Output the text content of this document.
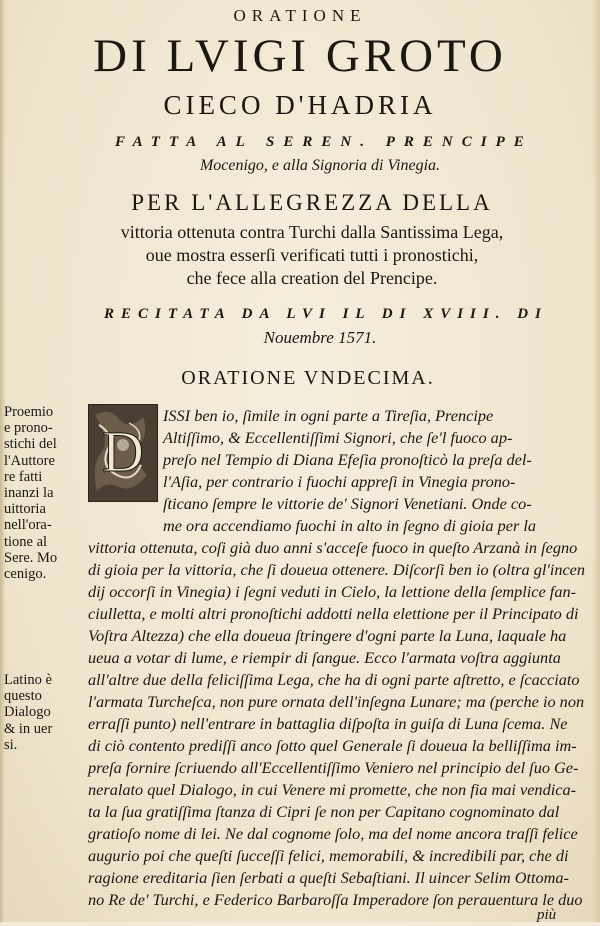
ORATIONE
DI LVIGI GROTO
CIECO D'HADRIA
FATTA AL SEREN. PRENCIPE
Mocenigo, e alla Signoria di Vinegia.
PER L'ALLEGREZZA DELLA
vittoria ottenuta contra Turchi dalla Santissima Lega,
oue mostra esserſi verificati tutti i pronostichi,
che fece alla creation del Prencipe.
RECITATA DA LVI IL DI XVIII. DI
Nouembre 1571.
ORATIONE VNDECIMA.
Proemio
e prono-
stichi del
l'Auttore
re fatti
inanzi la
uittoria
nell'ora-
tione al
Sere. Mo
cenigo.
Latino è
questo
Dialogo
& in uer
si.
D
ISSI ben io, ſimile in ogni parte a Tireſia, Prencipe
Altiſſimo, & Eccellentiſſimi Signori, che ſe'l fuoco ap-
preſo nel Tempio di Diana Efeſia pronoſticò la preſa del-
l'Aſia, per contrario i fuochi appreſi in Vinegia prono-
ſticano ſempre le vittorie de' Signori Venetiani. Onde co-
me ora accendiamo fuochi in alto in ſegno di gioia per la
vittoria ottenuta, coſi già duo anni s'acceſe fuoco in queſto Arzanà in ſegno
di gioia per la vittoria, che ſi doueua ottenere. Diſcorſi ben io (oltra gl'incen
dij occorſi in Vinegia) i ſegni veduti in Cielo, la lettione della ſemplice fan-
ciulletta, e molti altri pronoſtichi addotti nella elettione per il Principato di
Voſtra Altezza) che ella doueua ſtringere d'ogni parte la Luna, laquale ha
ueua a votar di lume, e riempir di ſangue. Ecco l'armata voſtra aggiunta
all'altre due della feliciſſima Lega, che ha di ogni parte aſtretto, e ſcacciato
l'armata Turcheſca, non pure ornata dell'inſegna Lunare; ma (perche io non
erraſſi punto) nell'entrare in battaglia diſpoſta in guiſa di Luna ſcema. Ne
di ciò contento prediſſi anco ſotto quel Generale ſi doueua la belliſſima im-
preſa fornire ſcriuendo all'Eccellentiſſimo Veniero nel principio del ſuo Ge-
neralato quel Dialogo, in cui Venere mi promette, che non fia mai vendica-
ta la ſua gratiſſima ſtanza di Cipri ſe non per Capitano cognominato dal
gratioſo nome di lei. Ne dal cognome ſolo, ma del nome ancora traſſi felice
augurio poi che queſti ſucceſſi felici, memorabili, & incredibili par, che di
ragione ereditaria ſien ſerbati a queſti Sebaſtiani. Il uincer Selim Ottoma-
no Re de' Turchi, e Federico Barbaroſſa Imperadore ſon perauentura le duo
più
